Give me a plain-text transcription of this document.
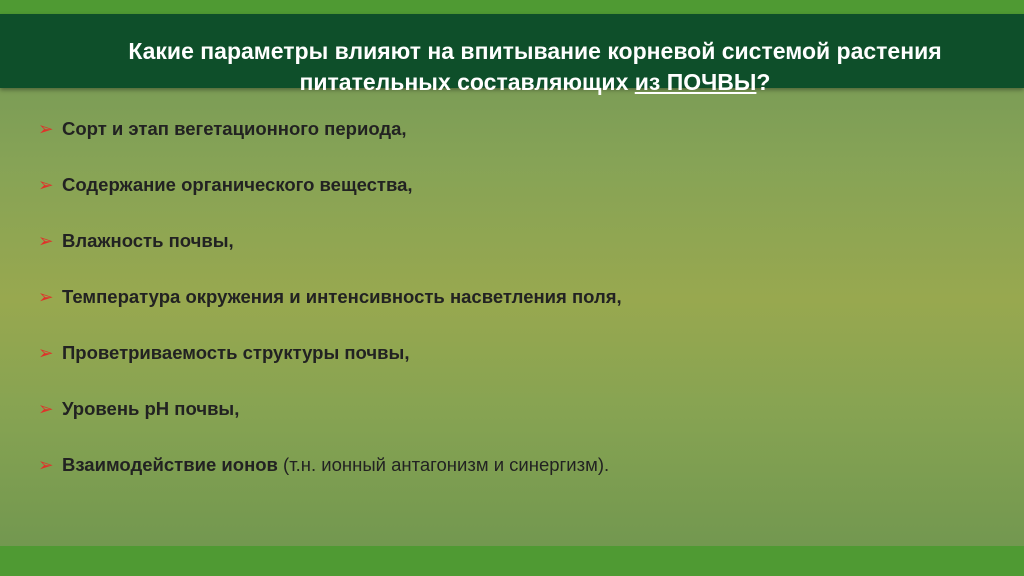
Какие параметры влияют на впитывание корневой системой растения
питательных составляющих из ПОЧВЫ?
➢ Сорт и этап вегетационного периода,
➢ Содержание органического вещества,
➢ Влажность почвы,
➢ Температура окружения и интенсивность насветления поля,
➢ Проветриваемость структуры почвы,
➢ Уровень рН почвы,
➢ Взаимодействие ионов (т.н. ионный антагонизм и синергизм).
